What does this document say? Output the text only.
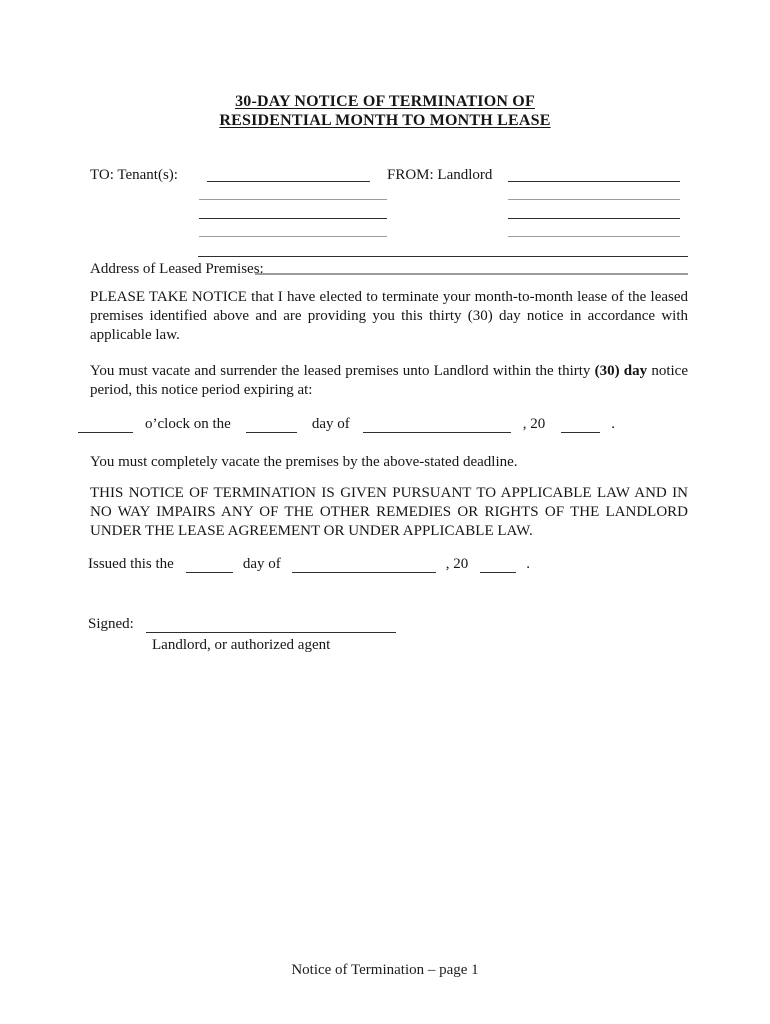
30-DAY NOTICE OF TERMINATION OF
RESIDENTIAL MONTH TO MONTH LEASE
TO: Tenant(s):	FROM: Landlord
Address of Leased Premises:

PLEASE TAKE NOTICE that I have elected to terminate your month-to-month lease of the leased premises identified above and are providing you this thirty (30) day notice in accordance with applicable law.

You must vacate and surrender the leased premises unto Landlord within the thirty (30) day notice period, this notice period expiring at:

o’clock on the	day of	, 20	.

You must completely vacate the premises by the above-stated deadline.

THIS NOTICE OF TERMINATION IS GIVEN PURSUANT TO APPLICABLE LAW AND IN NO WAY IMPAIRS ANY OF THE OTHER REMEDIES OR RIGHTS OF THE LANDLORD UNDER THE LEASE AGREEMENT OR UNDER APPLICABLE LAW.

Issued this the	day of	, 20	.
Signed:
Landlord, or authorized agent
Notice of Termination – page 1
